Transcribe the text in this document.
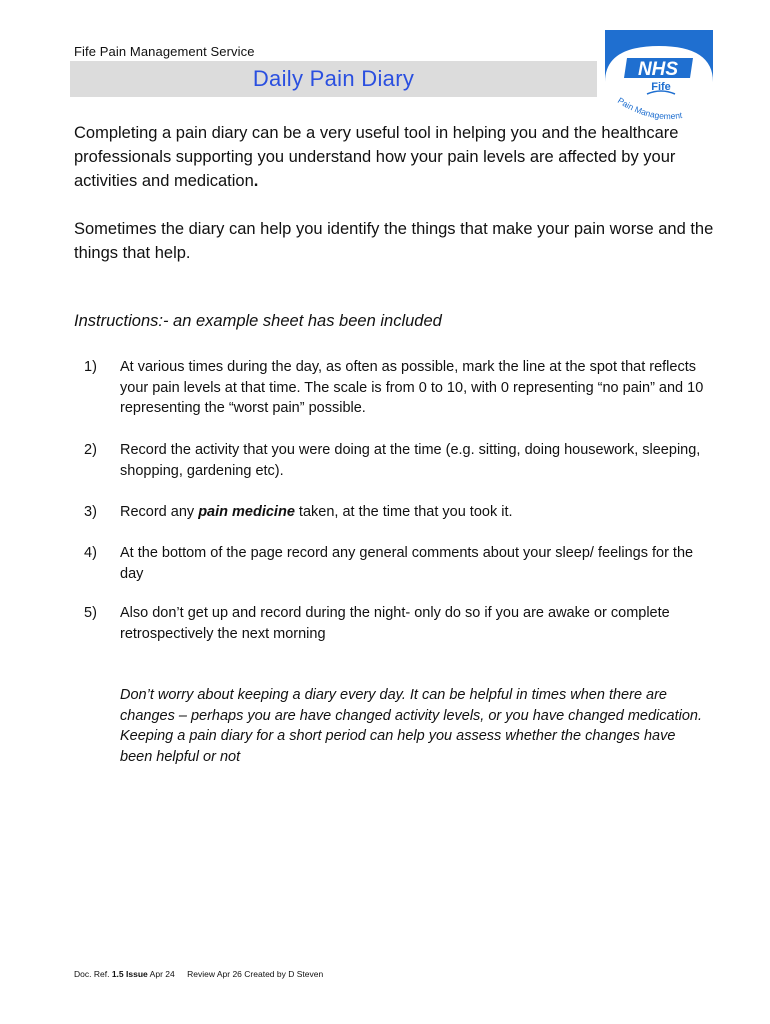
Fife Pain Management Service
Daily Pain Diary	NHS
Fife
Pain Management

Completing a pain diary can be a very useful tool in helping you and the healthcare professionals supporting you understand how your pain levels are affected by your activities and medication.

Sometimes the diary can help you identify the things that make your pain worse and the things that help.

Instructions:- an example sheet has been included

1) At various times during the day, as often as possible, mark the line at the spot that reflects your pain levels at that time. The scale is from 0 to 10, with 0 representing “no pain” and 10 representing the “worst pain” possible.
2) Record the activity that you were doing at the time (e.g. sitting, doing housework, sleeping, shopping, gardening etc).
3) Record any pain medicine taken, at the time that you took it.
4) At the bottom of the page record any general comments about your sleep/ feelings for the day
5) Also don’t get up and record during the night- only do so if you are awake or complete retrospectively the next morning

Don’t worry about keeping a diary every day. It can be helpful in times when there are changes – perhaps you are have changed activity levels, or you have changed medication. Keeping a pain diary for a short period can help you assess whether the changes have been helpful or not

Doc. Ref. 1.5 Issue Apr 24 Review Apr 26 Created by D Steven
